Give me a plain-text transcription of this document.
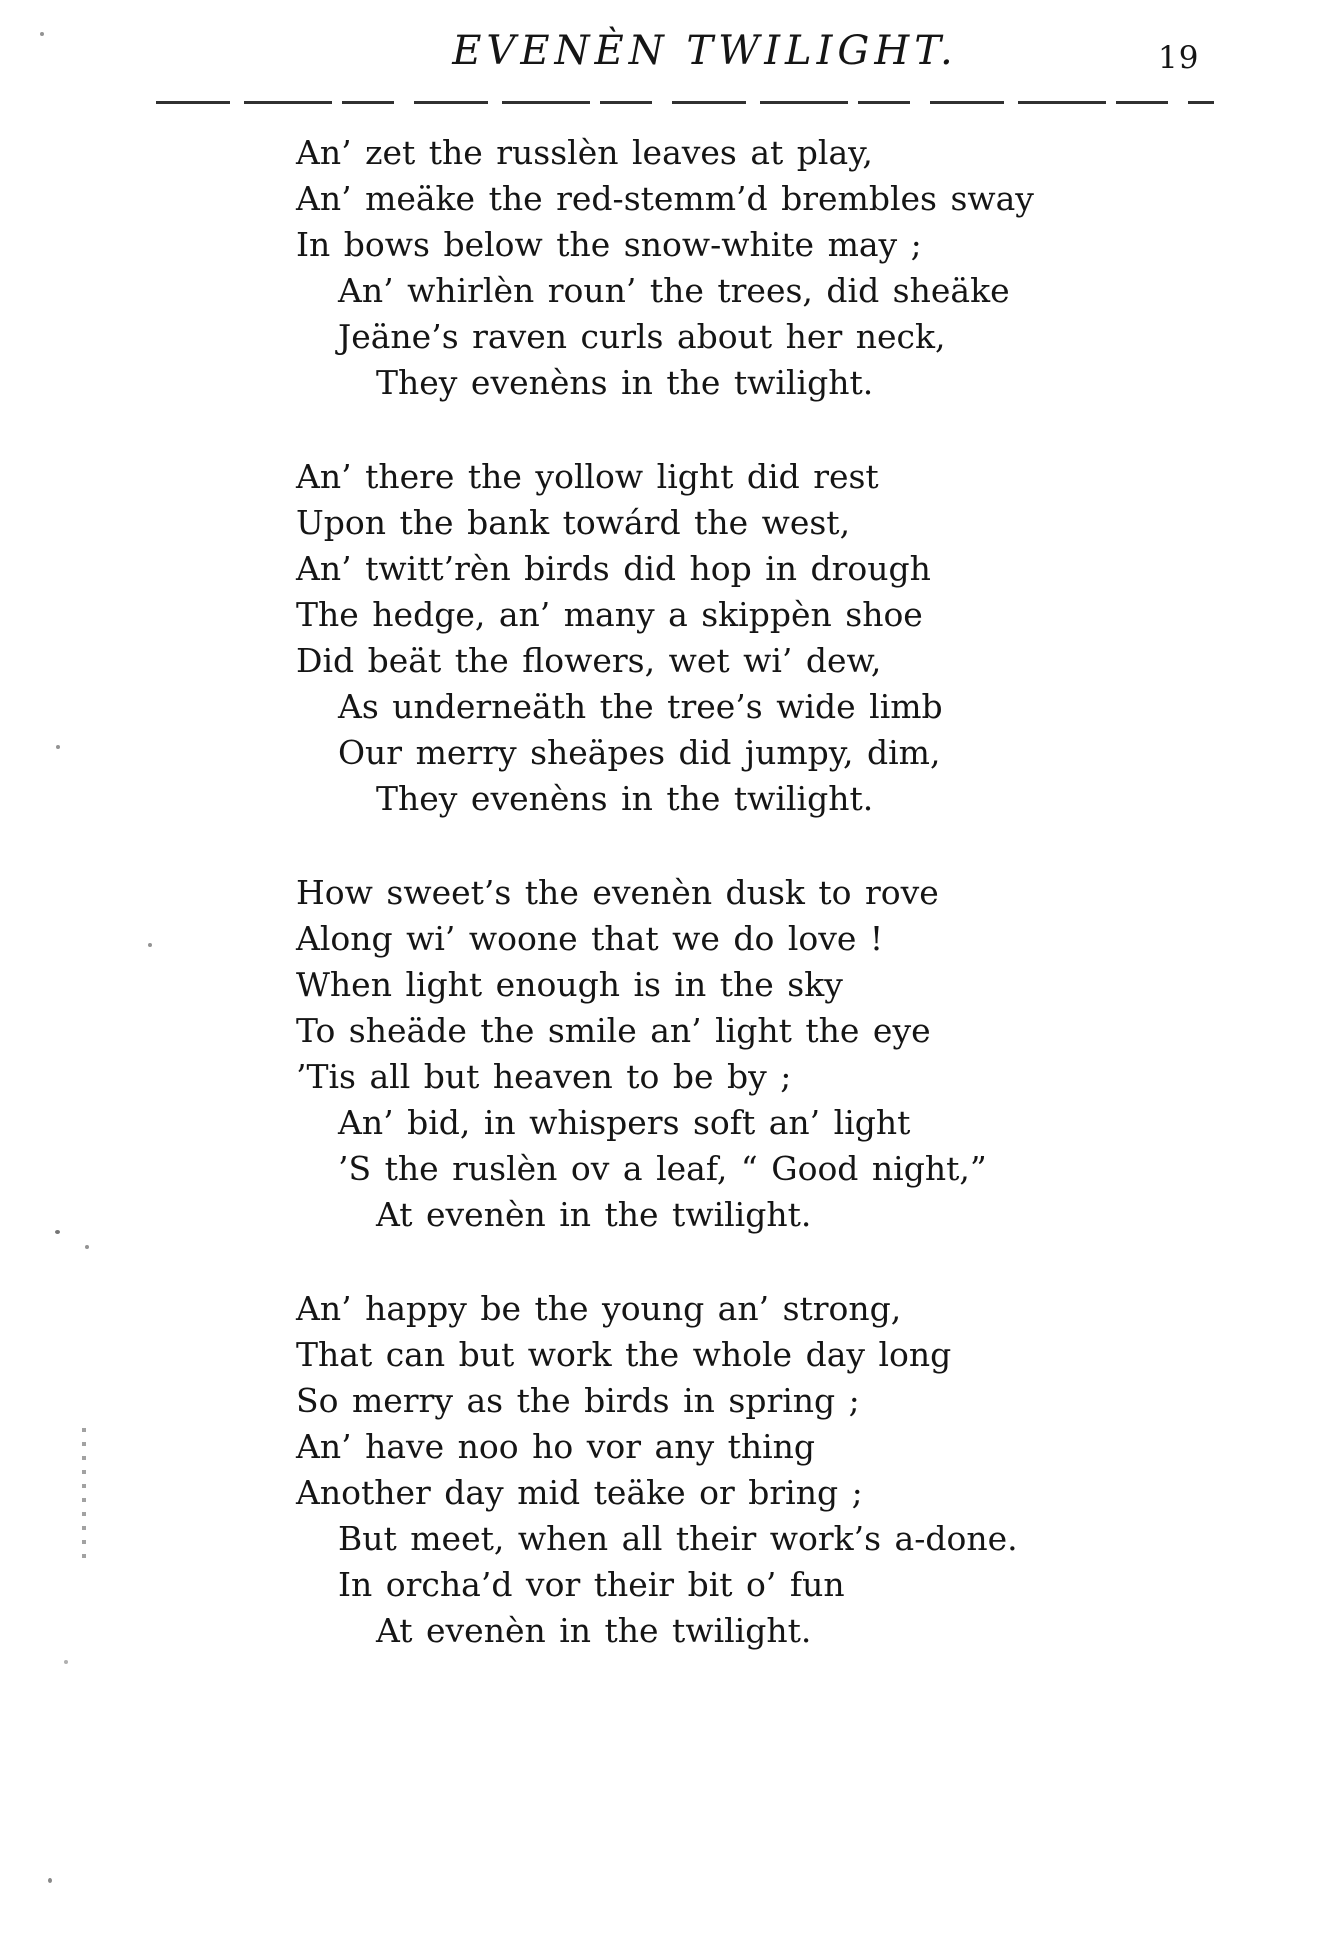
EVENÈN TWILIGHT.	19
An’ zet the russlèn leaves at play,
An’ meäke the red-stemm’d brembles sway
In bows below the snow-white may ;
An’ whirlèn roun’ the trees, did sheäke
Jeäne’s raven curls about her neck,
They evenèns in the twilight.
An’ there the yollow light did rest
Upon the bank towárd the west,
An’ twitt’rèn birds did hop in drough
The hedge, an’ many a skippèn shoe
Did beät the flowers, wet wi’ dew,
As underneäth the tree’s wide limb
Our merry sheäpes did jumpy, dim,
They evenèns in the twilight.
How sweet’s the evenèn dusk to rove
Along wi’ woone that we do love !
When light enough is in the sky
To sheäde the smile an’ light the eye
’Tis all but heaven to be by ;
An’ bid, in whispers soft an’ light
’S the ruslèn ov a leaf, “ Good night,”
At evenèn in the twilight.
An’ happy be the young an’ strong,
That can but work the whole day long
So merry as the birds in spring ;
An’ have noo ho vor any thing
Another day mid teäke or bring ;
But meet, when all their work’s a-done.
In orcha’d vor their bit o’ fun
At evenèn in the twilight.
